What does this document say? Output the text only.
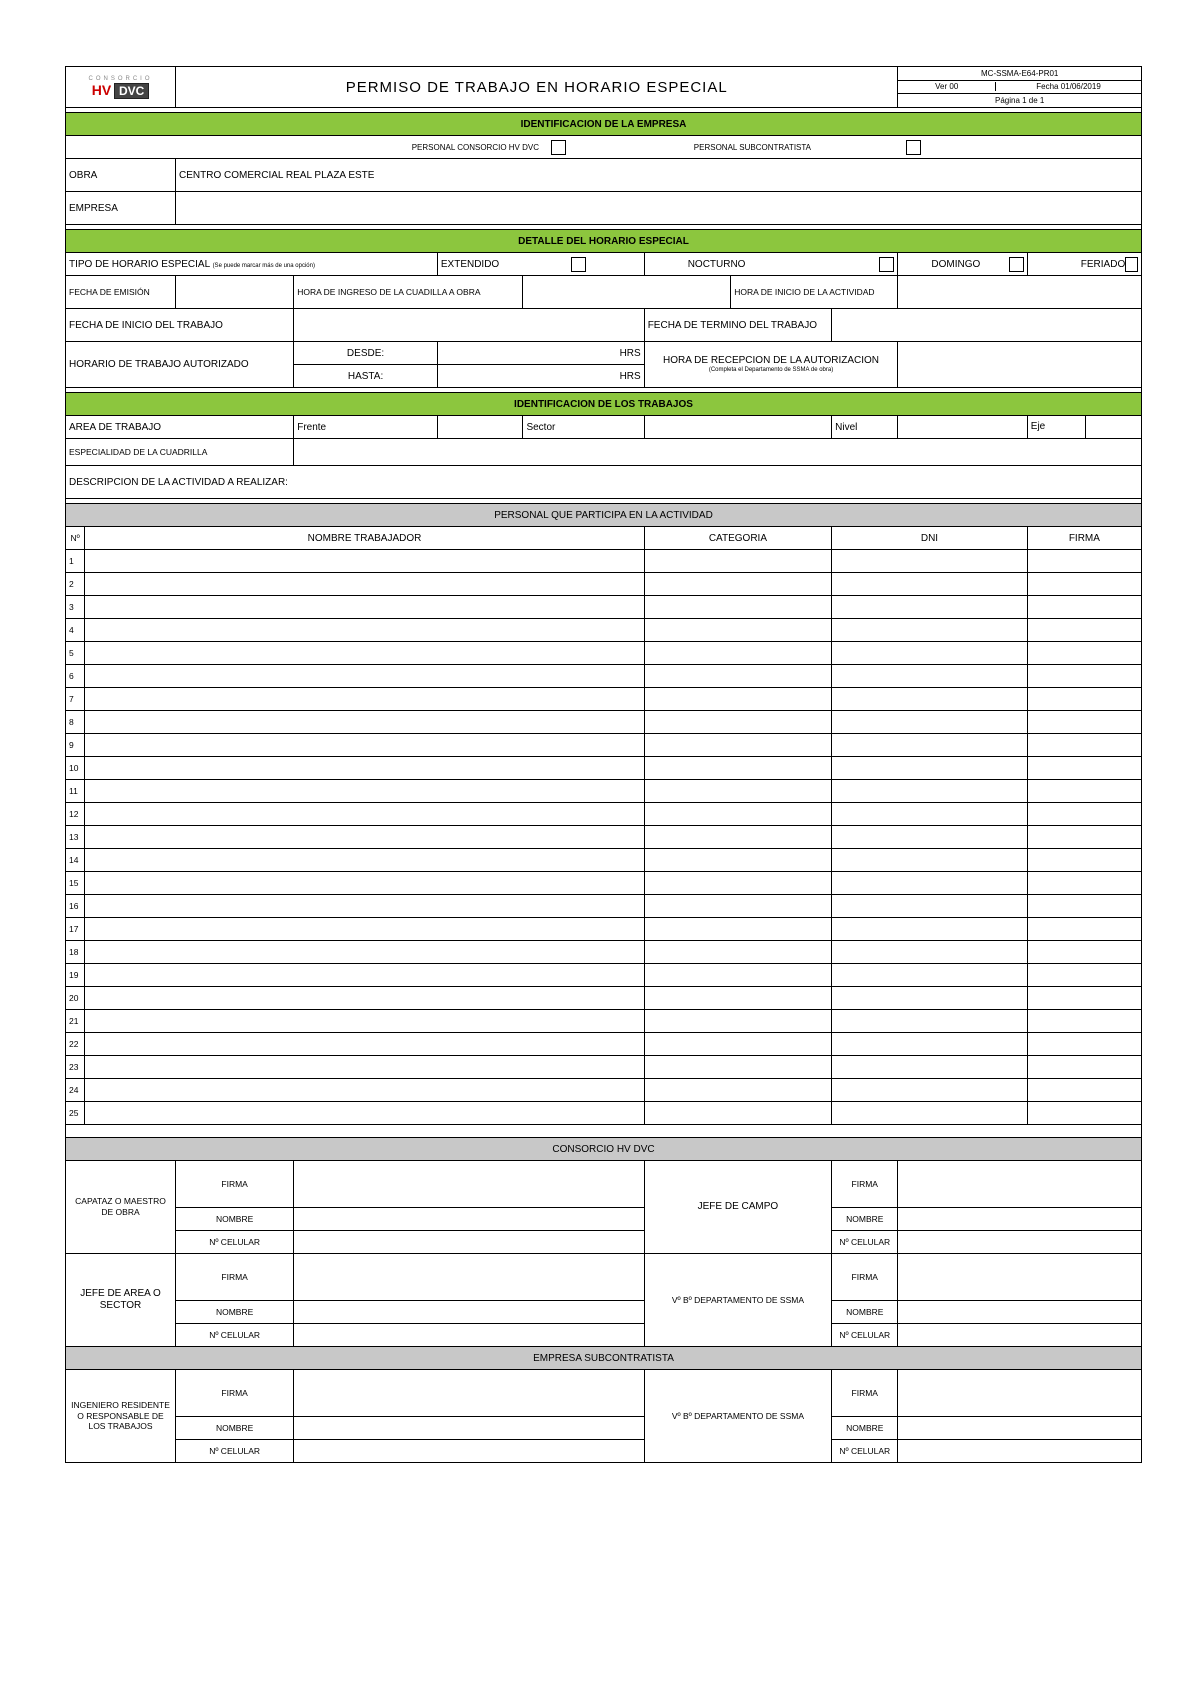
CONSORCIO
HV DVC		PERMISO DE TRABAJO EN HORARIO ESPECIAL							MC-SSMA-E64-PR01	

									Ver 00 Fecha 01/06/2019	

									Página 1 de 1	

IDENTIFICACION DE LA EMPRESA										

PERSONAL CONSORCIO HV DVC PERSONAL SUBCONTRATISTA										

OBRA		CENTRO COMERCIAL REAL PLAZA ESTE								
EMPRESA										

DETALLE DEL HORARIO ESPECIAL										
TIPO DE HORARIO ESPECIAL (Se puede marcar más de una opción)				EXTENDIDO		NOCTURNO			DOMINGO	FERIADO

FECHA DE EMISIÓN			HORA DE INGRESO DE LA CUADILLA A OBRA				HORA DE INICIO DE LA ACTIVIDAD			
FECHA DE INICIO DEL TRABAJO						FECHA DE TERMINO DEL TRABAJO				
HORARIO DE TRABAJO AUTORIZADO			DESDE:	HRS		HORA DE RECEPCION DE LA AUTORIZACION
(Completa el Departamento de SSMA de obra)				

			HASTA:	HRS						

IDENTIFICACION DE LOS TRABAJOS										
AREA DE TRABAJO			Frente		Sector			Nivel		Eje

ESPECIALIDAD DE LA CUADRILLA										
DESCRIPCION DE LA ACTIVIDAD A REALIZAR:										

PERSONAL QUE PARTICIPA EN LA ACTIVIDAD										
Nº	NOMBRE TRABAJADOR					CATEGORIA		DNI		FIRMA
1										
2										
3										
4										
5										
6										
7										
8										
9										
10										
11										
12										
13										
14										
15										
16										
17										
18										
19										
20										
21										
22										
23										
24										
25										

CONSORCIO HV DVC										
CAPATAZ O MAESTRO DE OBRA		FIRMA				JEFE DE CAMPO		FIRMA		
		NOMBRE						NOMBRE		
		Nº CELULAR						Nº CELULAR		
JEFE DE AREA O SECTOR		FIRMA				Vº Bº DEPARTAMENTO DE SSMA		FIRMA		
		NOMBRE						NOMBRE		
		Nº CELULAR						Nº CELULAR		
EMPRESA SUBCONTRATISTA										
INGENIERO RESIDENTE O RESPONSABLE DE LOS TRABAJOS		FIRMA				Vº Bº DEPARTAMENTO DE SSMA		FIRMA		
		NOMBRE						NOMBRE		
		Nº CELULAR						Nº CELULAR		
